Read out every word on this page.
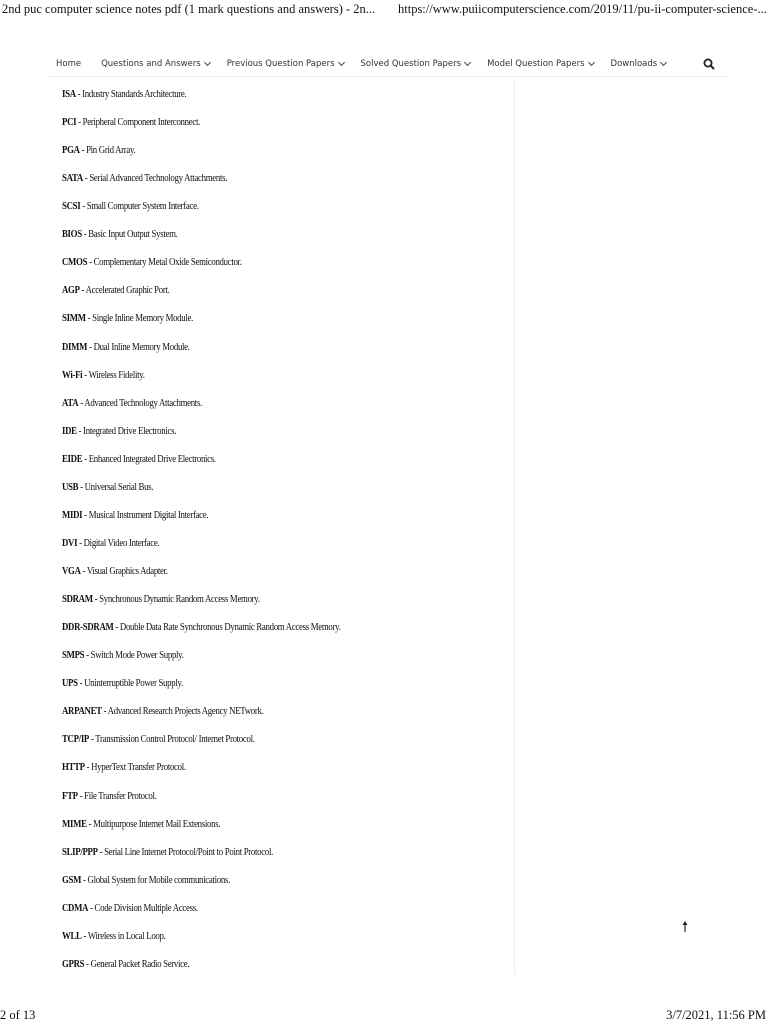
2nd puc computer science notes pdf (1 mark questions and answers) - 2n... https://www.puiicomputerscience.com/2019/11/pu-ii-computer-science-...
Home Questions and Answers	Previous Question Papers	Solved Question Papers	Model Question Papers	Downloads
ISA - Industry Standards Architecture.
PCI - Peripheral Component Interconnect.
PGA - Pin Grid Array.
SATA - Serial Advanced Technology Attachments.
SCSI - Small Computer System Interface.
BIOS - Basic Input Output System.
CMOS - Complementary Metal Oxide Semiconductor.
AGP - Accelerated Graphic Port.
SIMM - Single Inline Memory Module.
DIMM - Dual Inline Memory Module.
Wi-Fi - Wireless Fidelity.
ATA - Advanced Technology Attachments.
IDE - Integrated Drive Electronics.
EIDE - Enhanced Integrated Drive Electronics.
USB - Universal Serial Bus.
MIDI - Musical Instrument Digital Interface.
DVI - Digital Video Interface.
VGA - Visual Graphics Adapter.
SDRAM - Synchronous Dynamic Random Access Memory.
DDR-SDRAM - Double Data Rate Synchronous Dynamic Random Access Memory.
SMPS - Switch Mode Power Supply.
UPS - Uninterruptible Power Supply.
ARPANET - Advanced Research Projects Agency NETwork.
TCP/IP - Transmission Control Protocol/ Internet Protocol.
HTTP - HyperText Transfer Protocol.
FTP - File Transfer Protocol.
MIME - Multipurpose Internet Mail Extensions.
SLIP/PPP - Serial Line Internet Protocol/Point to Point Protocol.
GSM - Global System for Mobile communications.
CDMA - Code Division Multiple Access.
WLL - Wireless in Local Loop.
GPRS - General Packet Radio Service.
2 of 13	3/7/2021, 11:56 PM
